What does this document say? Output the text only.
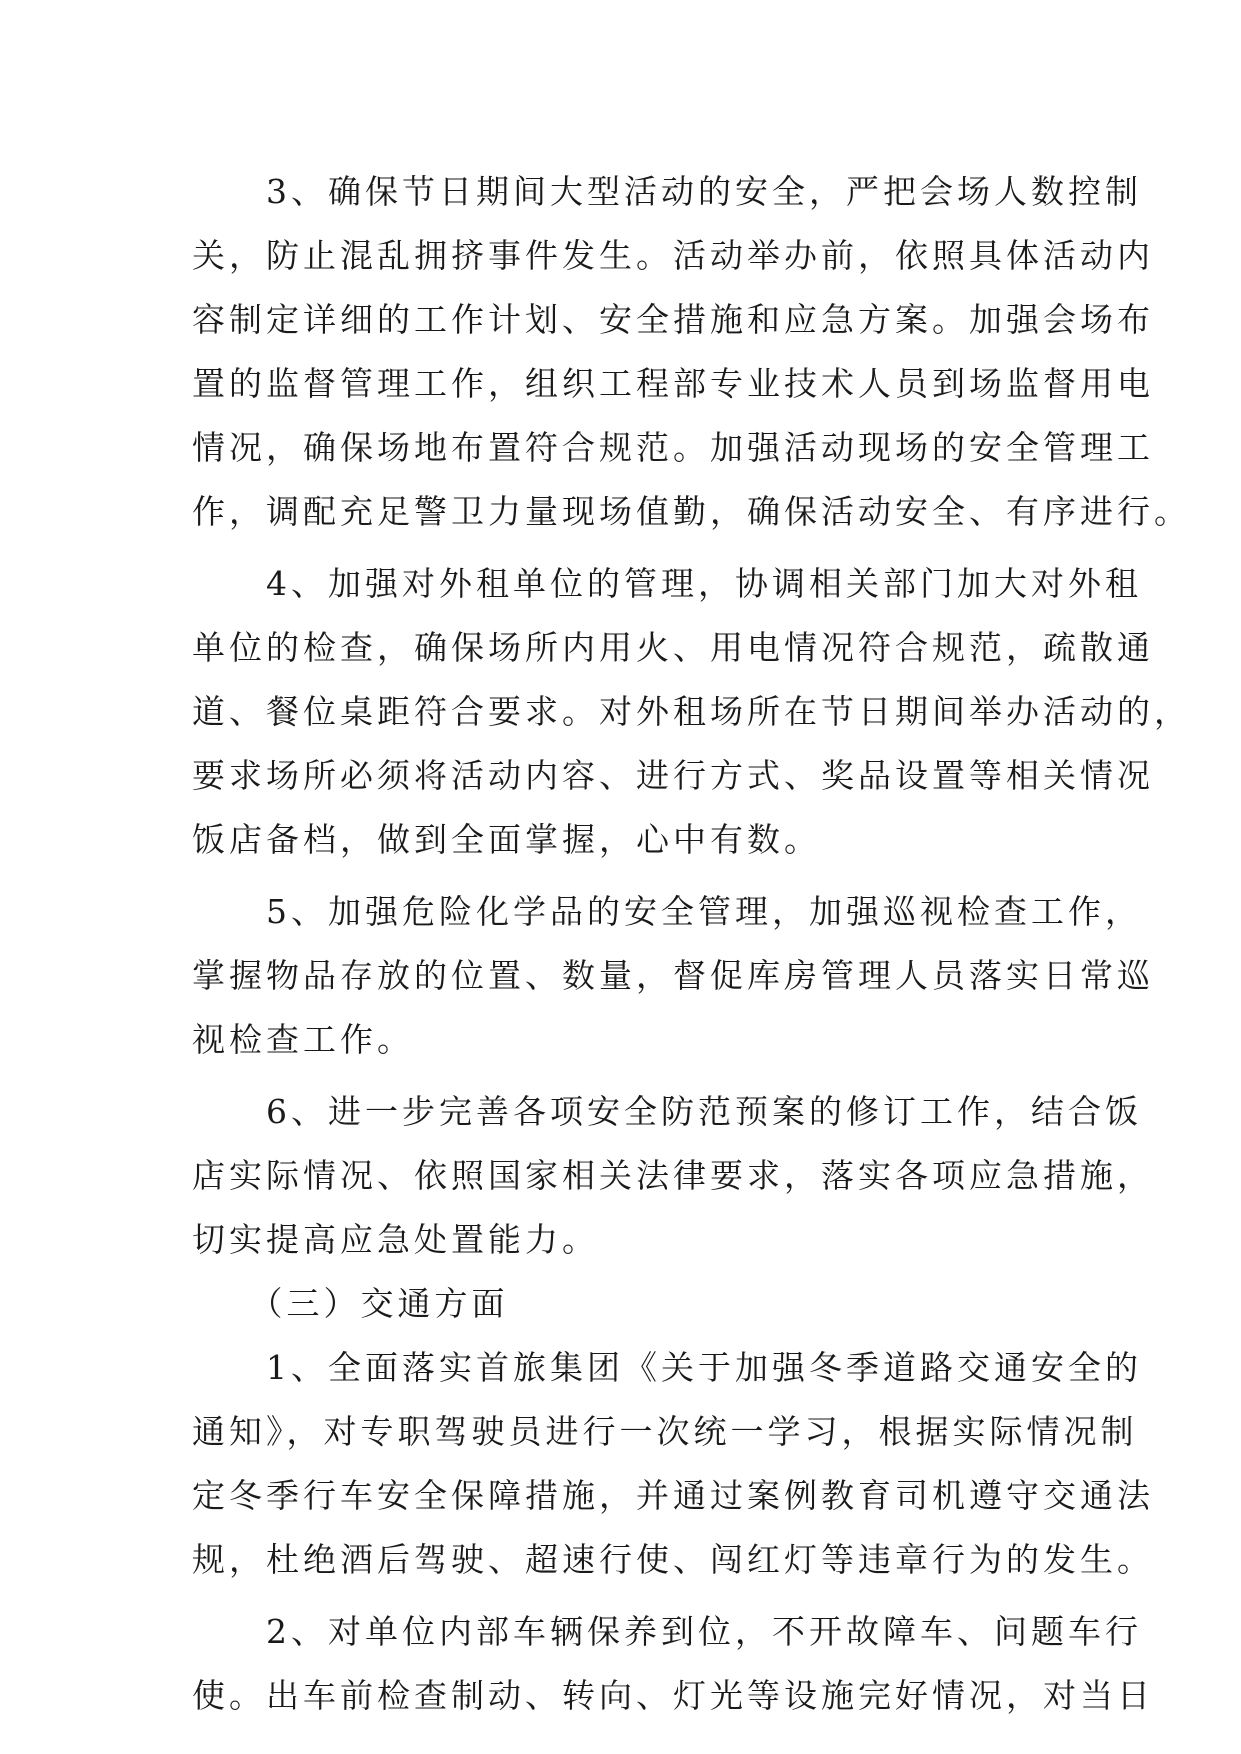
　　3、确保节日期间大型活动的安全，严把会场人数控制
关，防止混乱拥挤事件发生。活动举办前，依照具体活动内
容制定详细的工作计划、安全措施和应急方案。加强会场布
置的监督管理工作，组织工程部专业技术人员到场监督用电
情况，确保场地布置符合规范。加强活动现场的安全管理工
作，调配充足警卫力量现场值勤，确保活动安全、有序进行。
　　4、加强对外租单位的管理，协调相关部门加大对外租
单位的检查，确保场所内用火、用电情况符合规范，疏散通
道、餐位桌距符合要求。对外租场所在节日期间举办活动的，
要求场所必须将活动内容、进行方式、奖品设置等相关情况
饭店备档，做到全面掌握，心中有数。
　　5、加强危险化学品的安全管理，加强巡视检查工作，
掌握物品存放的位置、数量，督促库房管理人员落实日常巡
视检查工作。
　　6、进一步完善各项安全防范预案的修订工作，结合饭
店实际情况、依照国家相关法律要求，落实各项应急措施，
切实提高应急处置能力。
　　（三）交通方面
　　1、全面落实首旅集团《关于加强冬季道路交通安全的
通知》，对专职驾驶员进行一次统一学习，根据实际情况制
定冬季行车安全保障措施，并通过案例教育司机遵守交通法
规，杜绝酒后驾驶、超速行使、闯红灯等违章行为的发生。
　　2、对单位内部车辆保养到位，不开故障车、问题车行
使。出车前检查制动、转向、灯光等设施完好情况，对当日
